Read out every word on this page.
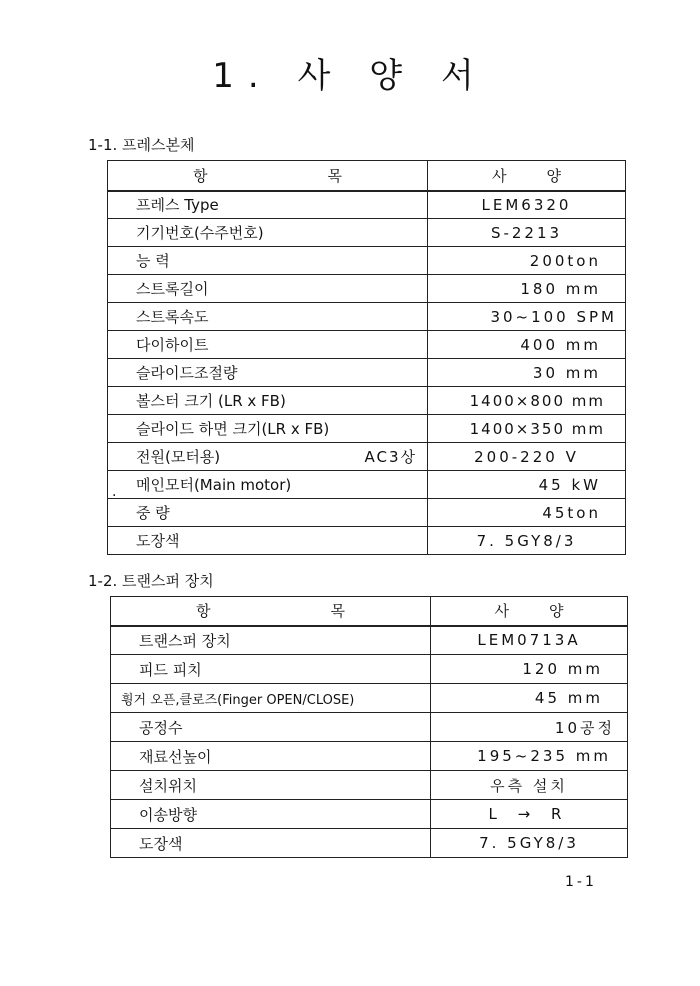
1. 사 양 서
1-1. 프레스본체
항 목	사 양
프레스 Type	LEM6320
기기번호(수주번호)	S-2213
능 력	200ton
스트록길이	180 mm
스트록속도	30~100 SPM
다이하이트	400 mm
슬라이드조절량	30 mm
볼스터 크기 (LR x FB)	1400×800 mm
슬라이드 하면 크기(LR x FB)	1400×350 mm
전원(모터용) AC3상	200-220 V
메인모터(Main motor)	45 kW
중 량	45ton
도장색	7. 5GY8/3
.
1-2. 트랜스퍼 장치
항 목	사 양
트랜스퍼 장치	LEM0713A
피드 피치	120 mm
휭거 오픈,클로즈(Finger OPEN/CLOSE)	45 mm
공정수	10공정
재료선높이	195~235 mm
설치위치	우측 설치
이송방향	L → R
도장색	7. 5GY8/3
1-1
